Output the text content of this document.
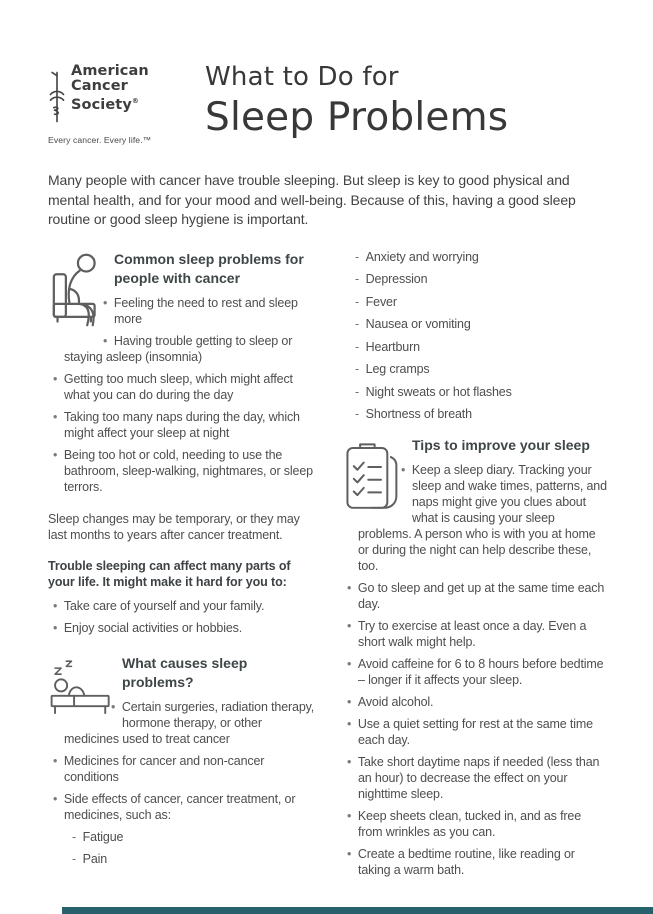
American
Cancer
Society®
Every cancer. Every life.™
What to Do for
Sleep Problems

Many people with cancer have trouble sleeping. But sleep is key to good physical and mental health, and for your mood and well-being. Because of this, having a good sleep routine or good sleep hygiene is important.

Common sleep problems for people with cancer
•  Feeling the need to rest and sleep more
•  Having trouble getting to sleep or staying asleep (insomnia)
•  Getting too much sleep, which might affect what you can do during the day
•  Taking too many naps during the day, which might affect your sleep at night
•  Being too hot or cold, needing to use the bathroom, sleep-walking, nightmares, or sleep terrors.

Sleep changes may be temporary, or they may last months to years after cancer treatment.

Trouble sleeping can affect many parts of your life. It might make it hard for you to:

•  Take care of yourself and your family.
•  Enjoy social activities or hobbies.
What causes sleep problems?
•  Certain surgeries, radiation therapy, hormone therapy, or other medicines used to treat cancer
•  Medicines for cancer and non-cancer conditions
•  Side effects of cancer, cancer treatment, or medicines, such as:
-  Fatigue
-  Pain
-  Anxiety and worrying
-  Depression
-  Fever
-  Nausea or vomiting
-  Heartburn
-  Leg cramps
-  Night sweats or hot flashes
-  Shortness of breath
Tips to improve your sleep
•  Keep a sleep diary. Tracking your sleep and wake times, patterns, and naps might give you clues about what is causing your sleep problems. A person who is with you at home or during the night can help describe these, too.
•  Go to sleep and get up at the same time each day.
•  Try to exercise at least once a day. Even a short walk might help.
•  Avoid caffeine for 6 to 8 hours before bedtime – longer if it affects your sleep.
•  Avoid alcohol.
•  Use a quiet setting for rest at the same time each day.
•  Take short daytime naps if needed (less than an hour) to decrease the effect on your nighttime sleep.
•  Keep sheets clean, tucked in, and as free from wrinkles as you can.
•  Create a bedtime routine, like reading or taking a warm bath.
